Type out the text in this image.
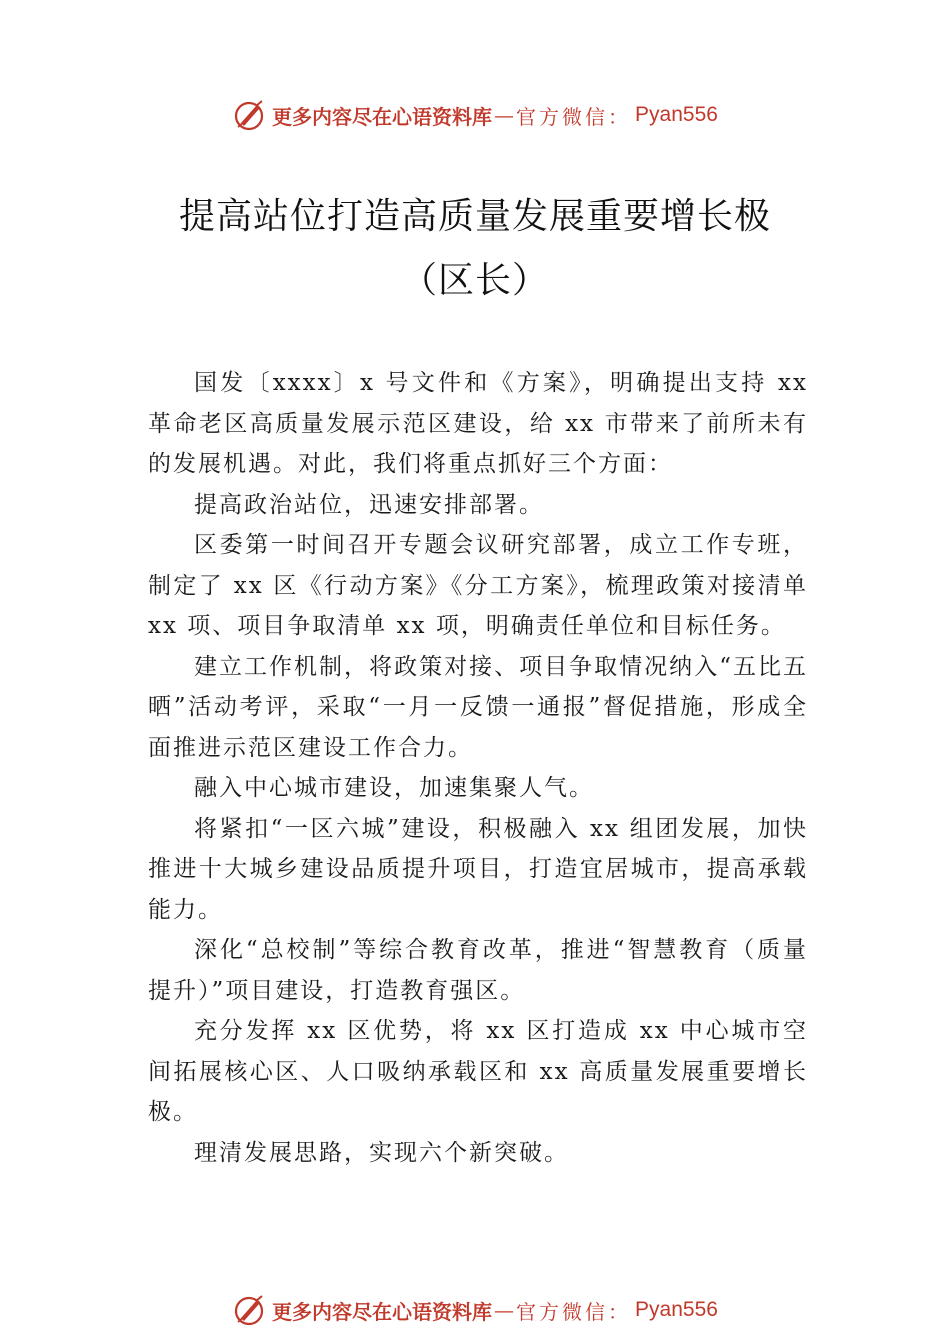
更多内容尽在心语资料库 — 官方微信： Pyan556
提高站位打造高质量发展重要增长极（区长）

国发〔xxxx〕x 号文件和《方案》，明确提出支持 xx 革命老区高质量发展示范区建设，给 xx 市带来了前所未有的发展机遇。对此，我们将重点抓好三个方面：

提高政治站位，迅速安排部署。

区委第一时间召开专题会议研究部署，成立工作专班，制定了 xx 区《行动方案》《分工方案》，梳理政策对接清单 xx 项、项目争取清单 xx 项，明确责任单位和目标任务。

建立工作机制，将政策对接、项目争取情况纳入“五比五晒”活动考评，采取“一月一反馈一通报”督促措施，形成全面推进示范区建设工作合力。

融入中心城市建设，加速集聚人气。

将紧扣“一区六城”建设，积极融入 xx 组团发展，加快推进十大城乡建设品质提升项目，打造宜居城市，提高承载能力。

深化“总校制”等综合教育改革，推进“智慧教育（质量提升）”项目建设，打造教育强区。

充分发挥 xx 区优势，将 xx 区打造成 xx 中心城市空间拓展核心区、人口吸纳承载区和 xx 高质量发展重要增长极。

理清发展思路，实现六个新突破。

更多内容尽在心语资料库 — 官方微信： Pyan556
